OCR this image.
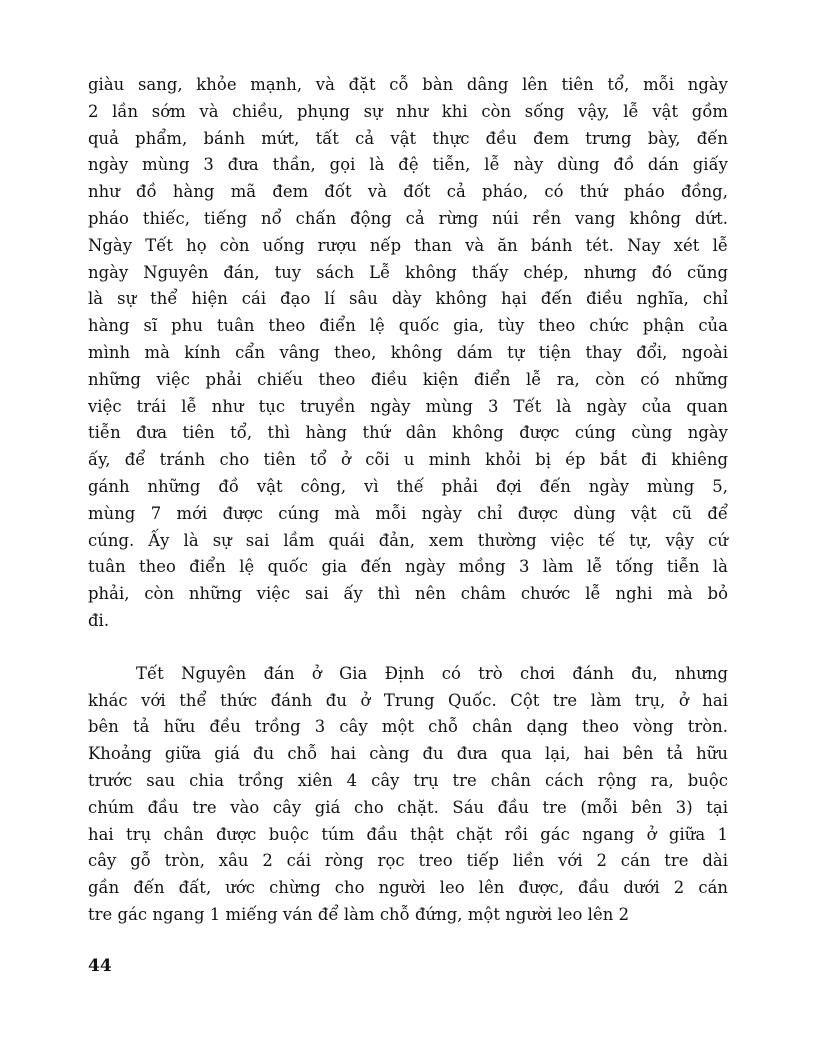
giàu sang, khỏe mạnh, và đặt cỗ bàn dâng lên tiên tổ, mỗi ngày
2 lần sớm và chiều, phụng sự như khi còn sống vậy, lễ vật gồm
quả phẩm, bánh mứt, tất cả vật thực đều đem trưng bày, đến
ngày mùng 3 đưa thần, gọi là đệ tiễn, lễ này dùng đồ dán giấy
như đồ hàng mã đem đốt và đốt cả pháo, có thứ pháo đồng,
pháo thiếc, tiếng nổ chấn động cả rừng núi rền vang không dứt.
Ngày Tết họ còn uống rượu nếp than và ăn bánh tét. Nay xét lễ
ngày Nguyên đán, tuy sách Lễ không thấy chép, nhưng đó cũng
là sự thể hiện cái đạo lí sâu dày không hại đến điều nghĩa, chỉ
hàng sĩ phu tuân theo điển lệ quốc gia, tùy theo chức phận của
mình mà kính cẩn vâng theo, không dám tự tiện thay đổi, ngoài
những việc phải chiếu theo điều kiện điển lễ ra, còn có những
việc trái lễ như tục truyền ngày mùng 3 Tết là ngày của quan
tiễn đưa tiên tổ, thì hàng thứ dân không được cúng cùng ngày
ấy, để tránh cho tiên tổ ở cõi u minh khỏi bị ép bắt đi khiêng
gánh những đồ vật công, vì thế phải đợi đến ngày mùng 5,
mùng 7 mới được cúng mà mỗi ngày chỉ được dùng vật cũ để
cúng. Ấy là sự sai lầm quái đản, xem thường việc tế tự, vậy cứ
tuân theo điển lệ quốc gia đến ngày mồng 3 làm lễ tống tiễn là
phải, còn những việc sai ấy thì nên châm chước lễ nghi mà bỏ
đi.

Tết Nguyên đán ở Gia Định có trò chơi đánh đu, nhưng
khác với thể thức đánh đu ở Trung Quốc. Cột tre làm trụ, ở hai
bên tả hữu đều trồng 3 cây một chỗ chân dạng theo vòng tròn.
Khoảng giữa giá đu chỗ hai càng đu đưa qua lại, hai bên tả hữu
trước sau chia trồng xiên 4 cây trụ tre chân cách rộng ra, buộc
chúm đầu tre vào cây giá cho chặt. Sáu đầu tre (mỗi bên 3) tại
hai trụ chân được buộc túm đầu thật chặt rồi gác ngang ở giữa 1
cây gỗ tròn, xâu 2 cái ròng rọc treo tiếp liền với 2 cán tre dài
gần đến đất, ước chừng cho người leo lên được, đầu dưới 2 cán
tre gác ngang 1 miếng ván để làm chỗ đứng, một người leo lên 2

44
